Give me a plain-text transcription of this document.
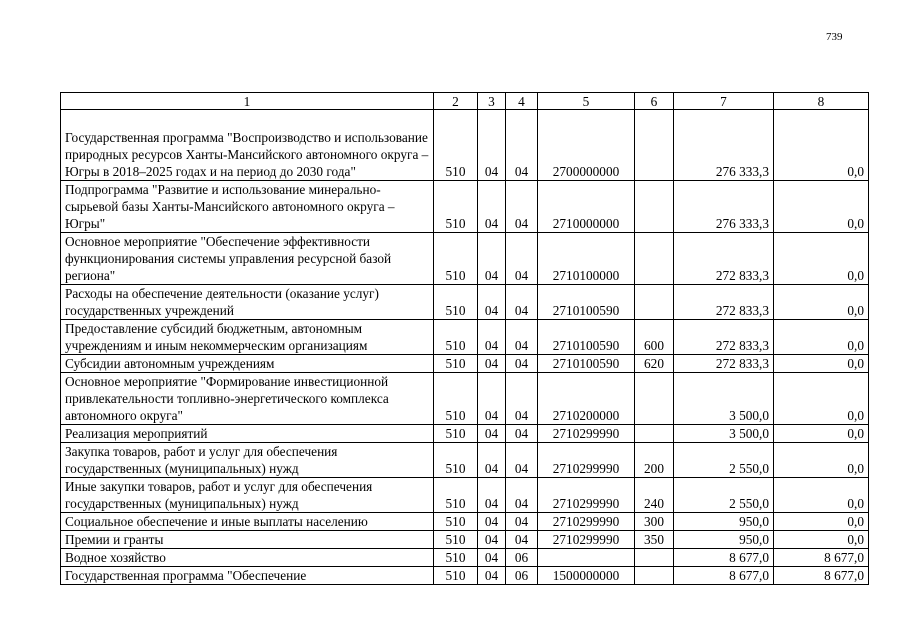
739
1	2	3	4	5	6	7	8
Государственная программа "Воспроизводство и использование природных ресурсов Ханты-Мансийского автономного округа – Югры в 2018–2025 годах и на период до 2030 года"	510	04	04	2700000000		276 333,3	0,0
Подпрограмма "Развитие и использование минерально-сырьевой базы Ханты-Мансийского автономного округа – Югры"	510	04	04	2710000000		276 333,3	0,0
Основное мероприятие "Обеспечение эффективности функционирования системы управления ресурсной базой региона"	510	04	04	2710100000		272 833,3	0,0
Расходы на обеспечение деятельности (оказание услуг) государственных учреждений	510	04	04	2710100590		272 833,3	0,0
Предоставление субсидий бюджетным, автономным учреждениям и иным некоммерческим организациям	510	04	04	2710100590	600	272 833,3	0,0
Субсидии автономным учреждениям	510	04	04	2710100590	620	272 833,3	0,0
Основное мероприятие "Формирование инвестиционной привлекательности топливно-энергетического комплекса автономного округа"	510	04	04	2710200000		3 500,0	0,0
Реализация мероприятий	510	04	04	2710299990		3 500,0	0,0
Закупка товаров, работ и услуг для обеспечения государственных (муниципальных) нужд	510	04	04	2710299990	200	2 550,0	0,0
Иные закупки товаров, работ и услуг для обеспечения государственных (муниципальных) нужд	510	04	04	2710299990	240	2 550,0	0,0
Социальное обеспечение и иные выплаты населению	510	04	04	2710299990	300	950,0	0,0
Премии и гранты	510	04	04	2710299990	350	950,0	0,0
Водное хозяйство	510	04	06			8 677,0	8 677,0
Государственная программа "Обеспечение	510	04	06	1500000000		8 677,0	8 677,0
